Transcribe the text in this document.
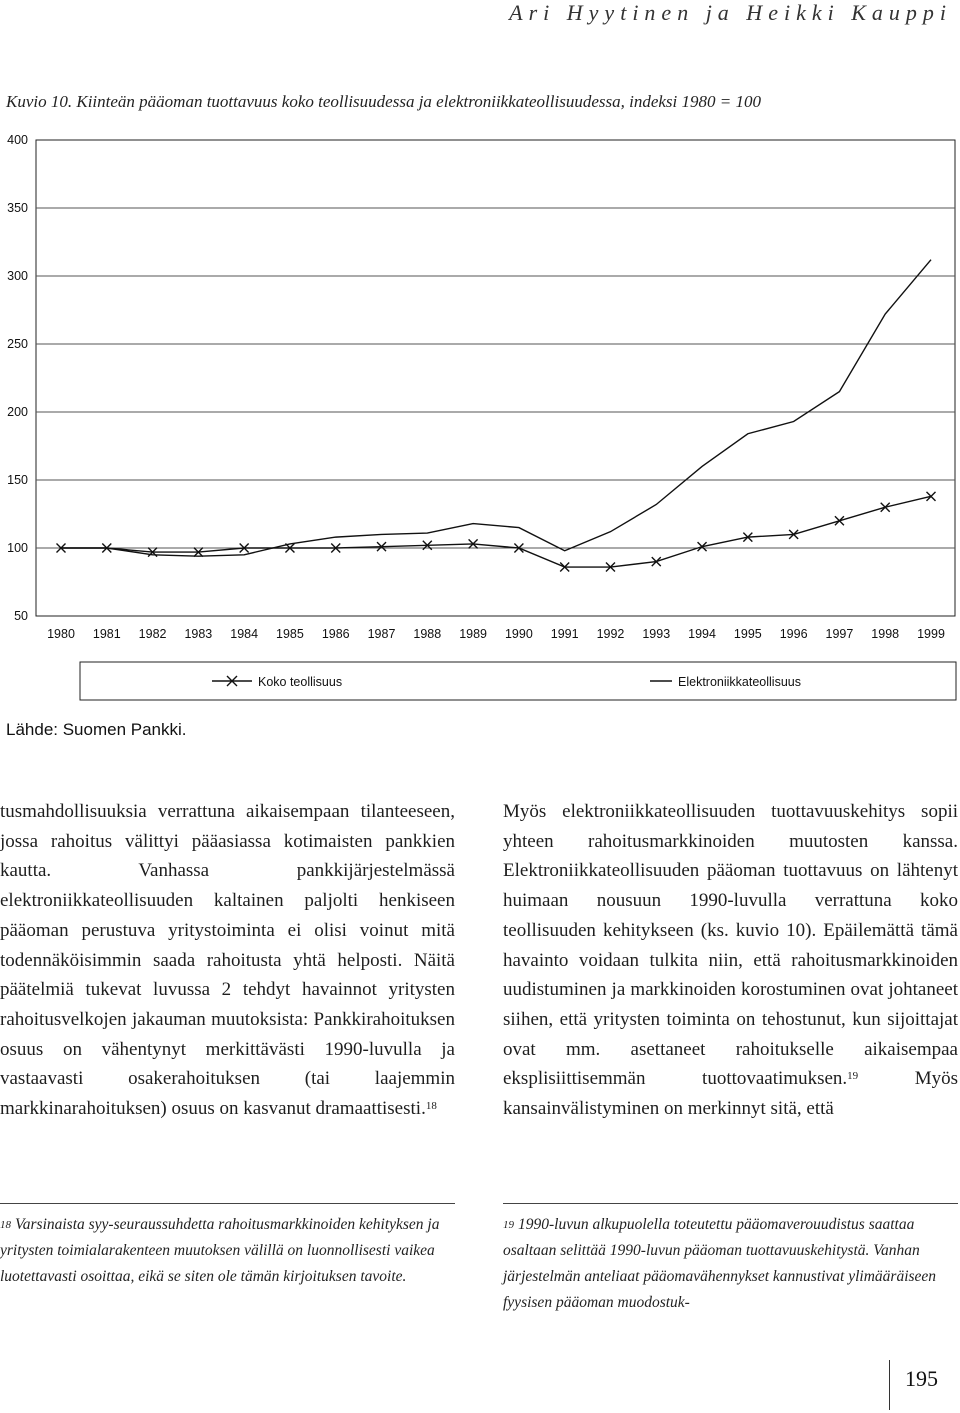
Ari Hyytinen ja Heikki Kauppi
Kuvio 10. Kiinteän pääoman tuottavuus koko teollisuudessa ja elektroniikkateollisuudessa, indeksi 1980 = 100
50
100
150
200
250
300
350
400
1980 1981 1982 1983 1984 1985 1986 1987 1988 1989 1990 1991 1992 1993 1994 1995 1996 1997 1998 1999
Koko teollisuus	Elektroniikkateollisuus
Lähde: Suomen Pankki.

tusmahdollisuuksia verrattuna aikaisempaan tilanteeseen, jossa rahoitus välittyi pääasiassa kotimaisten pankkien kautta. Vanhassa pankkijärjestelmässä elektroniikkateollisuuden kaltainen paljolti henkiseen pääoman perustuva yritystoiminta ei olisi voinut mitä todennäköisimmin saada rahoitusta yhtä helposti. Näitä päätelmiä tukevat luvussa 2 tehdyt havainnot yritysten rahoitusvelkojen jakauman muutoksista: Pankkirahoituksen osuus on vähentynyt merkittävästi 1990-luvulla ja vastaavasti osakerahoituksen (tai laajemmin markkinarahoituksen) osuus on kasvanut dramaattisesti.$^{18}$

Myös elektroniikkateollisuuden tuottavuuskehitys sopii yhteen rahoitusmarkkinoiden muutosten kanssa. Elektroniikkateollisuuden pääoman tuottavuus on lähtenyt huimaan nousuun 1990-luvulla verrattuna koko teollisuuden kehitykseen (ks. kuvio 10). Epäilemättä tämä havainto voidaan tulkita niin, että rahoitusmarkkinoiden uudistuminen ja markkinoiden korostuminen ovat johtaneet siihen, että yritysten toiminta on tehostunut, kun sijoittajat ovat mm. asettaneet rahoitukselle aikaisempaa eksplisiittisemmän tuottovaatimuksen.$^{19}$	Myös kansainvälistyminen on merkinnyt sitä, että

$^{18}$ Varsinaista syy-seuraussuhdetta rahoitusmarkkinoiden kehityksen ja yritysten toimialarakenteen muutoksen välillä on luonnollisesti vaikea luotettavasti osoittaa, eikä se siten ole tämän kirjoituksen tavoite.
$^{19}$ 1990-luvun alkupuolella toteutettu pääomaverouudistus saattaa osaltaan selittää 1990-luvun pääoman tuottavuuskehitystä. Vanhan järjestelmän anteliaat pääomavähennykset kannustivat ylimääräiseen fyysisen pääoman muodostuk-
195
